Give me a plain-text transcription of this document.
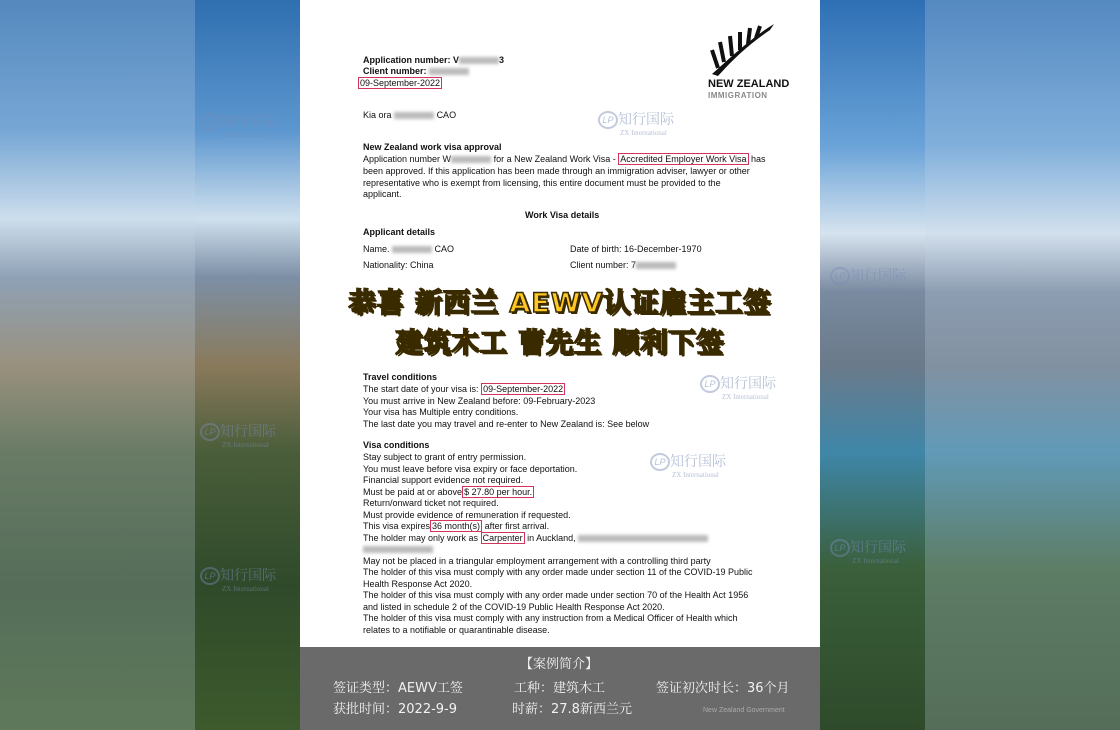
Application number: V	3
Client number:
09-September-2022	NEW ZEALAND
IMMIGRATION
Kia ora	CAO
New Zealand work visa approval
Application number W	for a New Zealand Work Visa - Accredited Employer Work Visa has
been approved. If this application has been made through an immigration adviser, lawyer or other
representative who is exempt from licensing, this entire document must be provided to the
applicant.
Work Visa details
Applicant details
Name.	CAO	Date of birth: 16-December-1970
Nationality: China	Client number: 7
Travel conditions
The start date of your visa is: 09-September-2022
You must arrive in New Zealand before: 09-February-2023
Your visa has Multiple entry conditions.
The last date you may travel and re-enter to New Zealand is: See below
Visa conditions
Stay subject to grant of entry permission.
You must leave before visa expiry or face deportation.
Financial support evidence not required.
Must be paid at or above $ 27.80 per hour.
Return/onward ticket not required.
Must provide evidence of remuneration if requested.
This visa expires 36 month(s) after first arrival.
The holder may only work as Carpenter in Auckland,
May not be placed in a triangular employment arrangement with a controlling third party
The holder of this visa must comply with any order made under section 11 of the COVID-19 Public
Health Response Act 2020.
The holder of this visa must comply with any order made under section 70 of the Health Act 1956
and listed in schedule 2 of the COVID-19 Public Health Response Act 2020.
The holder of this visa must comply with any instruction from a Medical Officer of Health which
relates to a notifiable or quarantinable disease.
LP 知行国际
ZX International
LP 知行国际
ZX International
LP 知行国际
ZX International
LP 知行国际
ZX International
LP 知行国际
ZX International
LP 知行国际
ZX International
LP 知行国际
ZX International
LP 知行国际
ZX International
恭喜 新西兰 AEWV认证雇主工签
建筑木工 曹先生 顺利下签
【案例简介】
签证类型：AEWV工签	工种：建筑木工	签证初次时长：36个月
获批时间：2022-9-9	时薪：27.8新西兰元	New Zealand Government
